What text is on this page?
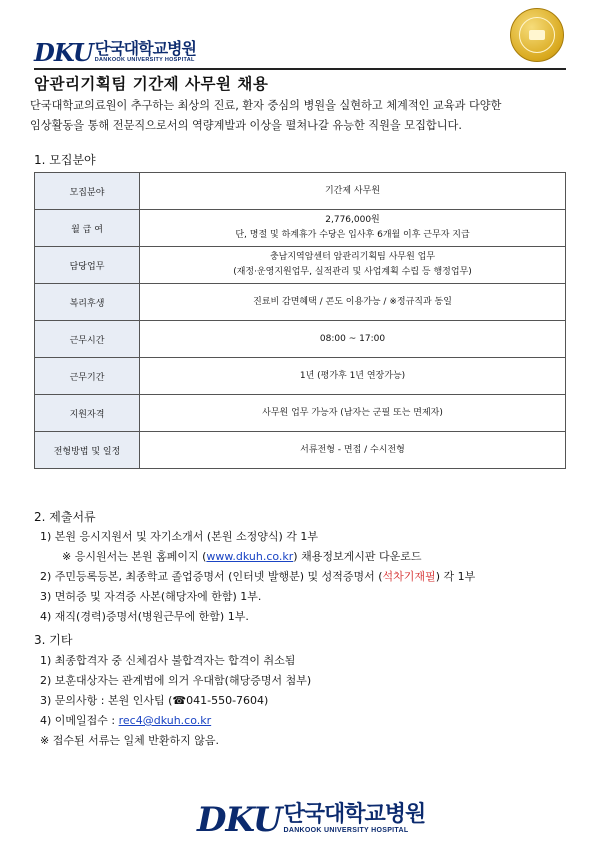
DKU 단국대학교병원
DANKOOK UNIVERSITY HOSPITAL
암관리기획팀 기간제 사무원 채용

단국대학교의료원이 추구하는 최상의 진료, 환자 중심의 병원을 실현하고 체계적인 교육과 다양한

임상활동을 통해 전문직으로서의 역량계발과 이상을 펼쳐나갈 유능한 직원을 모집합니다.

1. 모집분야
모집분야	기간제 사무원

월 급 여	2,776,000원
단, 명절 및 하계휴가 수당은 입사후 6개월 이후 근무자 지급

담당업무	충남지역암센터 암관리기획팀 사무원 업무
(재정·운영지원업무, 실적관리 및 사업계획 수립 등 행정업무)

복리후생	진료비 감면혜택 / 콘도 이용가능 / ※정규직과 동일

근무시간	08:00 ~ 17:00

근무기간	1년 (평가후 1년 연장가능)

지원자격	사무원 업무 가능자 (남자는 군필 또는 면제자)

전형방법 및 일정	서류전형 - 면접 / 수시전형
2. 제출서류
1) 본원 응시지원서 및 자기소개서 (본원 소정양식) 각 1부
※ 응시원서는 본원 홈페이지 (www.dkuh.co.kr) 채용정보게시판 다운로드
2) 주민등록등본, 최종학교 졸업증명서 (인터넷 발행분) 및 성적증명서 (석차기재필) 각 1부
3) 면허증 및 자격증 사본(해당자에 한함) 1부.
4) 재직(경력)증명서(병원근무에 한함) 1부.
3. 기타
1) 최종합격자 중 신체검사 불합격자는 합격이 취소됨
2) 보훈대상자는 관계법에 의거 우대함(해당증명서 첨부)
3) 문의사항 : 본원 인사팀 (☎041-550-7604)
4) 이메일접수 : rec4@dkuh.co.kr
※ 접수된 서류는 일체 반환하지 않음.
DKU 단국대학교병원
DANKOOK UNIVERSITY HOSPITAL
